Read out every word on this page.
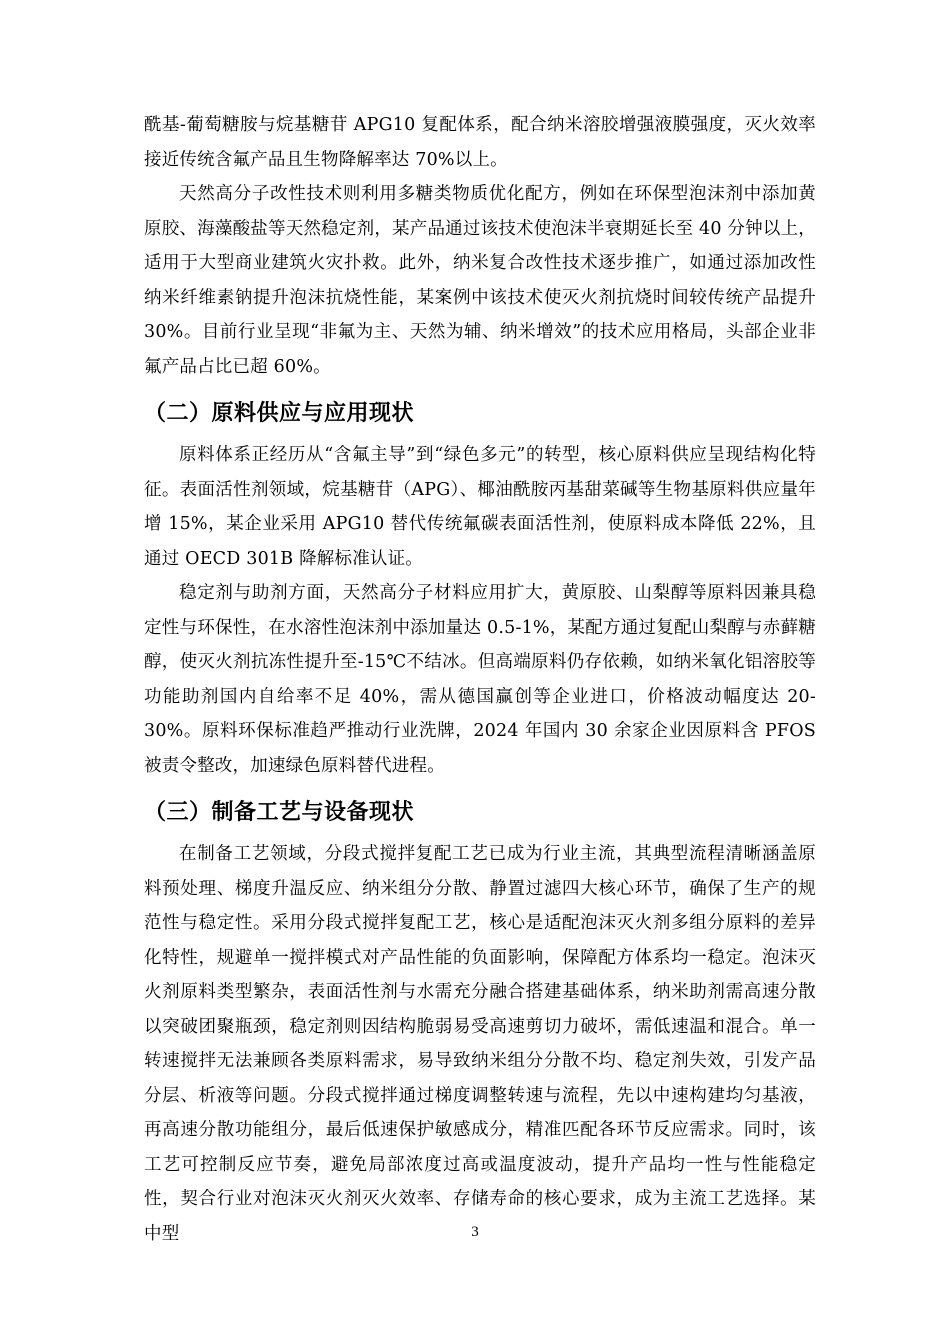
酰基-葡萄糖胺与烷基糖苷 APG10 复配体系，配合纳米溶胶增强液膜强度，灭火效率接近传统含氟产品且生物降解率达 70%以上。

天然高分子改性技术则利用多糖类物质优化配方，例如在环保型泡沫剂中添加黄原胶、海藻酸盐等天然稳定剂，某产品通过该技术使泡沫半衰期延长至 40 分钟以上，适用于大型商业建筑火灾扑救。此外，纳米复合改性技术逐步推广，如通过添加改性纳米纤维素钠提升泡沫抗烧性能，某案例中该技术使灭火剂抗烧时间较传统产品提升 30%。目前行业呈现“非氟为主、天然为辅、纳米增效”的技术应用格局，头部企业非氟产品占比已超 60%。

（二）原料供应与应用现状

原料体系正经历从“含氟主导”到“绿色多元”的转型，核心原料供应呈现结构化特征。表面活性剂领域，烷基糖苷（APG）、椰油酰胺丙基甜菜碱等生物基原料供应量年增 15%，某企业采用 APG10 替代传统氟碳表面活性剂，使原料成本降低 22%，且通过 OECD 301B 降解标准认证。

稳定剂与助剂方面，天然高分子材料应用扩大，黄原胶、山梨醇等原料因兼具稳定性与环保性，在水溶性泡沫剂中添加量达 0.5-1%，某配方通过复配山梨醇与赤藓糖醇，使灭火剂抗冻性提升至-15℃不结冰。但高端原料仍存依赖，如纳米氧化铝溶胶等功能助剂国内自给率不足 40%，需从德国赢创等企业进口，价格波动幅度达 20-30%。原料环保标准趋严推动行业洗牌，2024 年国内 30 余家企业因原料含 PFOS 被责令整改，加速绿色原料替代进程。

（三）制备工艺与设备现状

在制备工艺领域，分段式搅拌复配工艺已成为行业主流，其典型流程清晰涵盖原料预处理、梯度升温反应、纳米组分分散、静置过滤四大核心环节，确保了生产的规范性与稳定性。采用分段式搅拌复配工艺，核心是适配泡沫灭火剂多组分原料的差异化特性，规避单一搅拌模式对产品性能的负面影响，保障配方体系均一稳定。泡沫灭火剂原料类型繁杂，表面活性剂与水需充分融合搭建基础体系，纳米助剂需高速分散以突破团聚瓶颈，稳定剂则因结构脆弱易受高速剪切力破坏，需低速温和混合。单一转速搅拌无法兼顾各类原料需求，易导致纳米组分分散不均、稳定剂失效，引发产品分层、析液等问题。分段式搅拌通过梯度调整转速与流程，先以中速构建均匀基液，再高速分散功能组分，最后低速保护敏感成分，精准匹配各环节反应需求。同时，该工艺可控制反应节奏，避免局部浓度过高或温度波动，提升产品均一性与性能稳定性，契合行业对泡沫灭火剂灭火效率、存储寿命的核心要求，成为主流工艺选择。某中型	3
